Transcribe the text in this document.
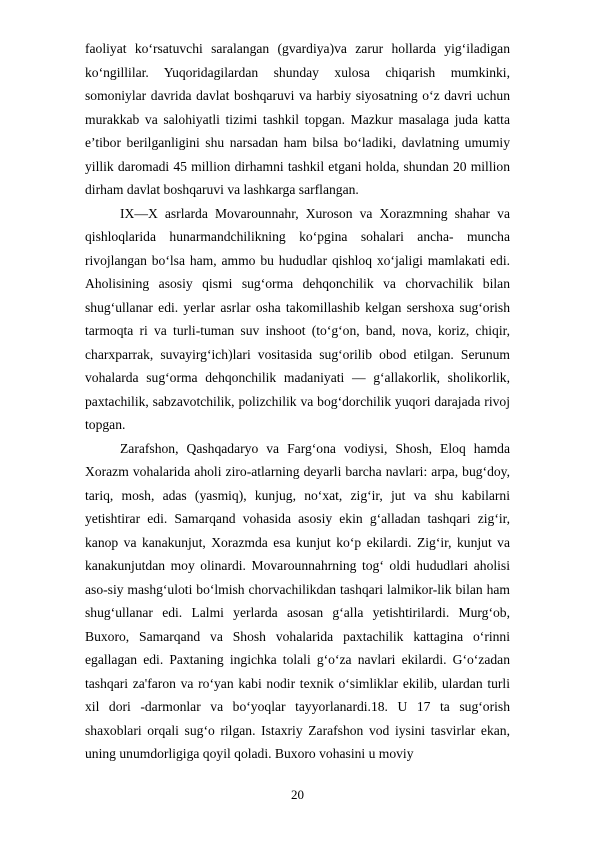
faoliyat ko‘rsatuvchi saralangan (gvardiya)va zarur hollarda yig‘iladigan ko‘ngillilar. Yuqoridagilardan shunday xulosa chiqarish mumkinki, somoniylar davrida davlat boshqaruvi va harbiy siyosatning o‘z davri uchun murakkab va salohiyatli tizimi tashkil topgan. Mazkur masalaga juda katta e’tibor berilganligini shu narsadan ham bilsa bo‘ladiki, davlatning umumiy yillik daromadi 45 million dirhamni tashkil etgani holda, shundan 20 million dirham davlat boshqaruvi va lashkarga sarflangan.

IX—X asrlarda Movarounnahr, Xuroson va Xorazmning shahar va qishloqlarida hunarmandchilikning ko‘pgina sohalari ancha- muncha rivojlangan bo‘lsa ham, ammo bu hududlar qishloq xo‘jaligi mamlakati edi. Aholisining asosiy qismi sug‘orma dehqonchilik va chorvachilik bilan shug‘ullanar edi. yerlar asrlar osha takomillashib kelgan sershoxa sug‘orish tarmoqta ri va turli-tuman suv inshoot (to‘g‘on, band, nova, koriz, chiqir, charxparrak, suvayirg‘ich)lari vositasida sug‘orilib obod etilgan. Serunum vohalarda sug‘orma dehqonchilik madaniyati — g‘allakorlik, sholikorlik, paxtachilik, sabzavotchilik, polizchilik va bog‘dorchilik yuqori darajada rivoj topgan.

Zarafshon, Qashqadaryo va Farg‘ona vodiysi, Shosh, Eloq hamda Xorazm vohalarida aholi ziro-atlarning deyarli barcha navlari: arpa, bug‘doy, tariq, mosh, adas (yasmiq), kunjug, no‘xat, zig‘ir, jut va shu kabilarni yetishtirar edi. Samarqand vohasida asosiy ekin g‘alladan tashqari zig‘ir, kanop va kanakunjut, Xorazmda esa kunjut ko‘p ekilardi. Zig‘ir, kunjut va kanakunjutdan moy olinardi. Movarounnahrning tog‘ oldi hududlari aholisi aso-siy mashg‘uloti bo‘lmish chorvachilikdan tashqari lalmikor-lik bilan ham shug‘ullanar edi. Lalmi yerlarda asosan g‘alla yetishtirilardi. Murg‘ob, Buxoro, Samarqand va Shosh vohalarida paxtachilik kattagina o‘rinni egallagan edi. Paxtaning ingichka tolali g‘o‘za navlari ekilardi. G‘o‘zadan tashqari za'faron va ro‘yan kabi nodir texnik o‘simliklar ekilib, ulardan turli xil dori -darmonlar va bo‘yoqlar tayyorlanardi.18. U 17 ta sug‘orish shaxoblari orqali sug‘o rilgan. Istaxriy Zarafshon vod iysini tasvirlar ekan, uning unumdorligiga qoyil qoladi. Buxoro vohasini u moviy

20
